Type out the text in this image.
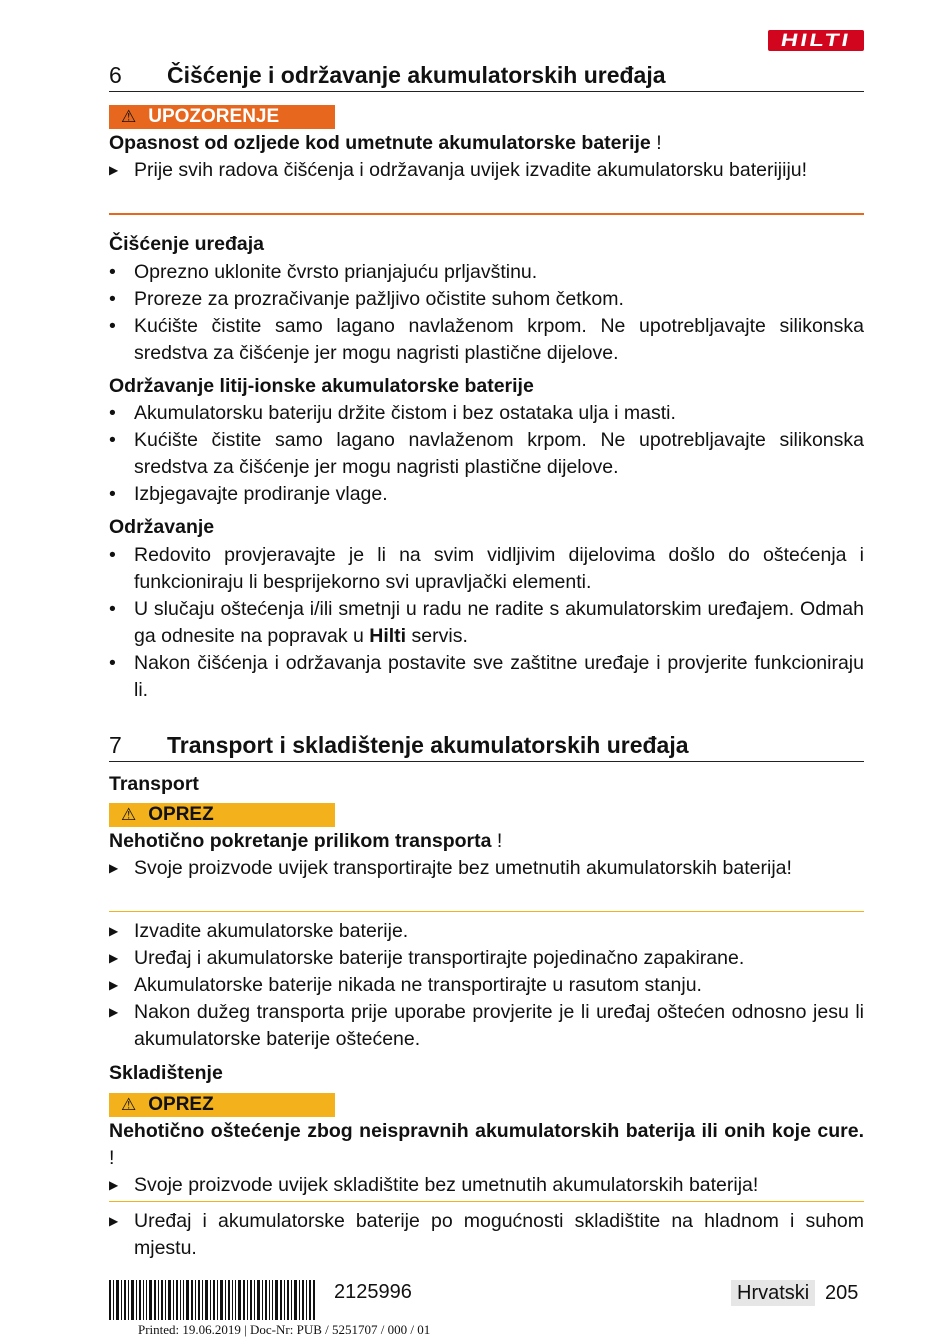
HILTI
6 Čišćenje i održavanje akumulatorskih uređaja
⚠ UPOZORENJE
Opasnost od ozljede kod umetnute akumulatorske baterije !
▶ Prije svih radova čišćenja i održavanja uvijek izvadite akumulatorsku baterijiju!
Čišćenje uređaja
• Oprezno uklonite čvrsto prianjajuću prljavštinu.
• Proreze za prozračivanje pažljivo očistite suhom četkom.
• Kućište čistite samo lagano navlaženom krpom. Ne upotrebljavajte silikonska sredstva za čišćenje jer mogu nagristi plastične dijelove.
Održavanje litij-ionske akumulatorske baterije
• Akumulatorsku bateriju držite čistom i bez ostataka ulja i masti.
• Kućište čistite samo lagano navlaženom krpom. Ne upotrebljavajte silikonska sredstva za čišćenje jer mogu nagristi plastične dijelove.
• Izbjegavajte prodiranje vlage.
Održavanje
• Redovito provjeravajte je li na svim vidljivim dijelovima došlo do oštećenja i funkcioniraju li besprijekorno svi upravljački elementi.
• U slučaju oštećenja i/ili smetnji u radu ne radite s akumulatorskim uređajem. Odmah ga odnesite na popravak u Hilti servis.
• Nakon čišćenja i održavanja postavite sve zaštitne uređaje i provjerite funkcioniraju li.
7 Transport i skladištenje akumulatorskih uređaja
Transport
⚠ OPREZ
Nehotično pokretanje prilikom transporta !
▶ Svoje proizvode uvijek transportirajte bez umetnutih akumulatorskih baterija!
▶ Izvadite akumulatorske baterije.
▶ Uređaj i akumulatorske baterije transportirajte pojedinačno zapakirane.
▶ Akumulatorske baterije nikada ne transportirajte u rasutom stanju.
▶ Nakon dužeg transporta prije uporabe provjerite je li uređaj oštećen odnosno jesu li akumulatorske baterije oštećene.
Skladištenje
⚠ OPREZ
Nehotično oštećenje zbog neispravnih akumulatorskih baterija ili onih koje cure. !
▶ Svoje proizvode uvijek skladištite bez umetnutih akumulatorskih baterija!
▶ Uređaj i akumulatorske baterije po mogućnosti skladištite na hladnom i suhom mjestu.
2125996	Hrvatski 205
Printed: 19.06.2019 | Doc-Nr: PUB / 5251707 / 000 / 01
